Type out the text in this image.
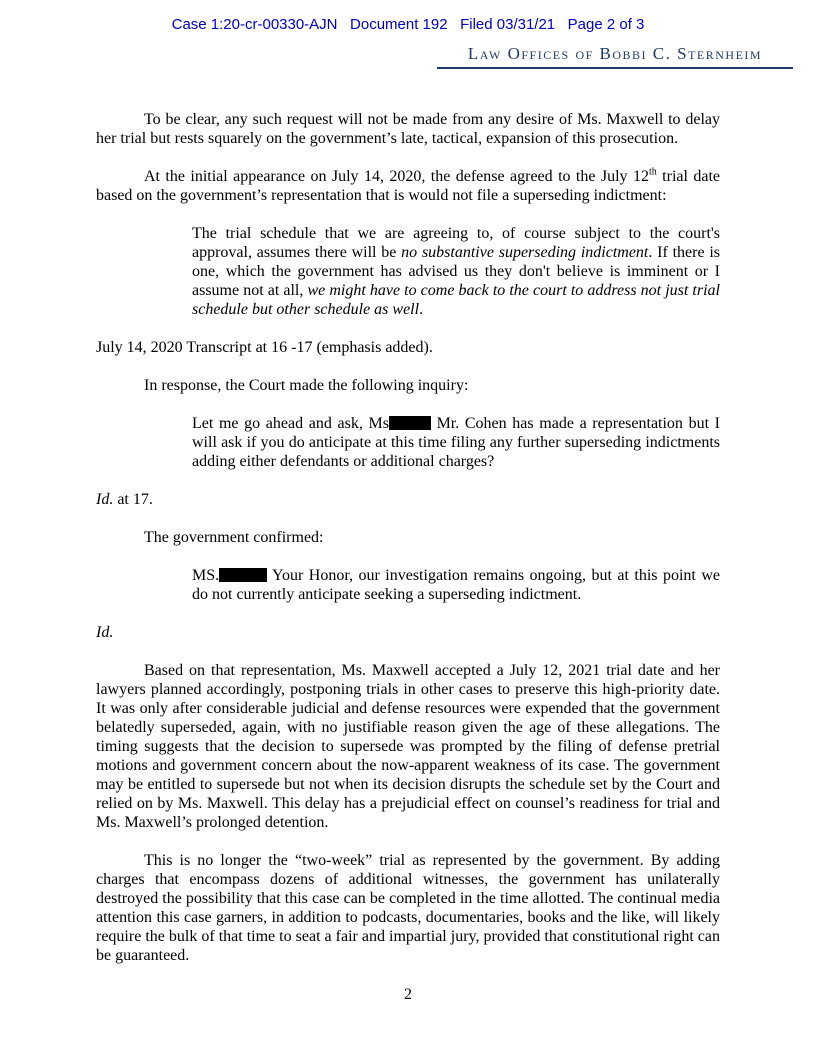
Case 1:20-cr-00330-AJN   Document 192   Filed 03/31/21   Page 2 of 3
Law Offices of Bobbi C. Sternheim

To be clear, any such request will not be made from any desire of Ms. Maxwell to delay her trial but rests squarely on the government’s late, tactical, expansion of this prosecution.

At the initial appearance on July 14, 2020, the defense agreed to the July 12th trial date based on the government’s representation that is would not file a superseding indictment:

The trial schedule that we are agreeing to, of course subject to the court's approval, assumes there will be no substantive superseding indictment. If there is one, which the government has advised us they don't believe is imminent or I assume not at all, we might have to come back to the court to address not just trial schedule but other schedule as well.

July 14, 2020 Transcript at 16 -17 (emphasis added).

In response, the Court made the following inquiry:

Let me go ahead and ask, Ms	Mr. Cohen has made a representation but I will ask if you do anticipate at this time filing any further superseding indictments adding either defendants or additional charges?

Id. at 17.

The government confirmed:

MS.	Your Honor, our investigation remains ongoing, but at this point we do not currently anticipate seeking a superseding indictment.

Id.

Based on that representation, Ms. Maxwell accepted a July 12, 2021 trial date and her lawyers planned accordingly, postponing trials in other cases to preserve this high-priority date. It was only after considerable judicial and defense resources were expended that the government belatedly superseded, again, with no justifiable reason given the age of these allegations. The timing suggests that the decision to supersede was prompted by the filing of defense pretrial motions and government concern about the now-apparent weakness of its case. The government may be entitled to supersede but not when its decision disrupts the schedule set by the Court and relied on by Ms. Maxwell. This delay has a prejudicial effect on counsel’s readiness for trial and Ms. Maxwell’s prolonged detention.

This is no longer the “two-week” trial as represented by the government. By adding charges that encompass dozens of additional witnesses, the government has unilaterally destroyed the possibility that this case can be completed in the time allotted. The continual media attention this case garners, in addition to podcasts, documentaries, books and the like, will likely require the bulk of that time to seat a fair and impartial jury, provided that constitutional right can be guaranteed.

2
